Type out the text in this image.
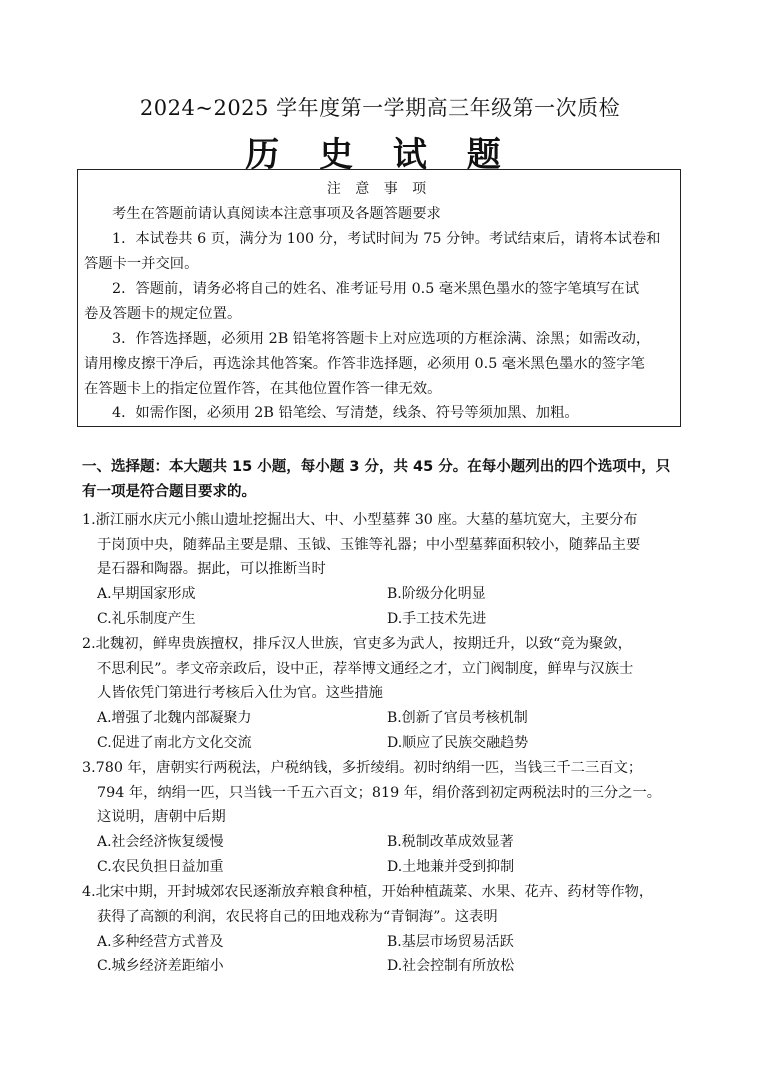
2024~2025 学年度第一学期高三年级第一次质检
历 史 试 题
注 意 事 项
考生在答题前请认真阅读本注意事项及各题答题要求
1．本试卷共 6 页，满分为 100 分，考试时间为 75 分钟。考试结束后，请将本试卷和
答题卡一并交回。
2．答题前，请务必将自己的姓名、准考证号用 0.5 毫米黑色墨水的签字笔填写在试
卷及答题卡的规定位置。
3．作答选择题，必须用 2B 铅笔将答题卡上对应选项的方框涂满、涂黑；如需改动，
请用橡皮擦干净后，再选涂其他答案。作答非选择题，必须用 0.5 毫米黑色墨水的签字笔
在答题卡上的指定位置作答，在其他位置作答一律无效。
4．如需作图，必须用 2B 铅笔绘、写清楚，线条、符号等须加黑、加粗。
一、选择题：本大题共 15 小题，每小题 3 分，共 45 分。在每小题列出的四个选项中，只
有一项是符合题目要求的。
1.浙江丽水庆元小熊山遗址挖掘出大、中、小型墓葬 30 座。大墓的墓坑宽大，主要分布
于岗顶中央，随葬品主要是鼎、玉钺、玉锥等礼器；中小型墓葬面积较小，随葬品主要
是石器和陶器。据此，可以推断当时
A.早期国家形成	B.阶级分化明显
C.礼乐制度产生	D.手工技术先进
2.北魏初，鲜卑贵族擅权，排斥汉人世族，官吏多为武人，按期迁升，以致“竞为聚敛，
不思利民”。孝文帝亲政后，设中正，荐举博文通经之才，立门阀制度，鲜卑与汉族士
人皆依凭门第进行考核后入仕为官。这些措施
A.增强了北魏内部凝聚力	B.创新了官员考核机制
C.促进了南北方文化交流	D.顺应了民族交融趋势
3.780 年，唐朝实行两税法，户税纳钱，多折绫绢。初时纳绢一匹，当钱三千二三百文；
794 年，纳绢一匹，只当钱一千五六百文；819 年，绢价落到初定两税法时的三分之一。
这说明，唐朝中后期
A.社会经济恢复缓慢	B.税制改革成效显著
C.农民负担日益加重	D.土地兼并受到抑制
4.北宋中期，开封城郊农民逐渐放弃粮食种植，开始种植蔬菜、水果、花卉、药材等作物，
获得了高额的利润，农民将自己的田地戏称为“青铜海”。这表明
A.多种经营方式普及	B.基层市场贸易活跃
C.城乡经济差距缩小	D.社会控制有所放松
